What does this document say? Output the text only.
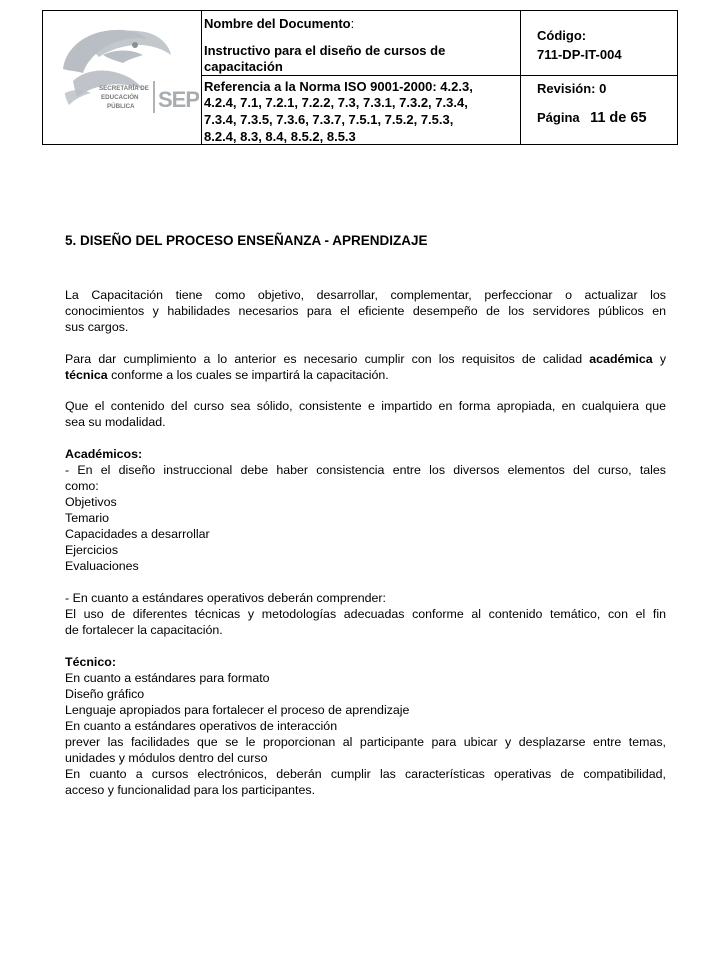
SECRETARÍA DE
EDUCACIÓN
PÚBLICA SEP
Nombre del Documento:
Instructivo para el diseño de cursos de
capacitación
Referencia a la Norma ISO 9001-2000: 4.2.3,
4.2.4, 7.1, 7.2.1, 7.2.2, 7.3, 7.3.1, 7.3.2, 7.3.4,
7.3.4, 7.3.5, 7.3.6, 7.3.7, 7.5.1, 7.5.2, 7.5.3,
8.2.4, 8.3, 8.4, 8.5.2, 8.5.3
Código:
711-DP-IT-004
Revisión: 0
Página 11 de 65
5. DISEÑO DEL PROCESO ENSEÑANZA - APRENDIZAJE
La Capacitación tiene como objetivo, desarrollar, complementar, perfeccionar o actualizar los
conocimientos y habilidades necesarios para el eficiente desempeño de los servidores públicos en
sus cargos.
Para dar cumplimiento a lo anterior es necesario cumplir con los requisitos de calidad académica y
técnica conforme a los cuales se impartirá la capacitación.
Que el contenido del curso sea sólido, consistente e impartido en forma apropiada, en cualquiera que
sea su modalidad.
Académicos:
- En el diseño instruccional debe haber consistencia entre los diversos elementos del curso, tales
como:
Objetivos
Temario
Capacidades a desarrollar
Ejercicios
Evaluaciones
- En cuanto a estándares operativos deberán comprender:
El uso de diferentes técnicas y metodologías adecuadas conforme al contenido temático, con el fin
de fortalecer la capacitación.
Técnico:
En cuanto a estándares para formato
Diseño gráfico
Lenguaje apropiados para fortalecer el proceso de aprendizaje
En cuanto a estándares operativos de interacción
prever las facilidades que se le proporcionan al participante para ubicar y desplazarse entre temas,
unidades y módulos dentro del curso
En cuanto a cursos electrónicos, deberán cumplir las características operativas de compatibilidad,
acceso y funcionalidad para los participantes.
